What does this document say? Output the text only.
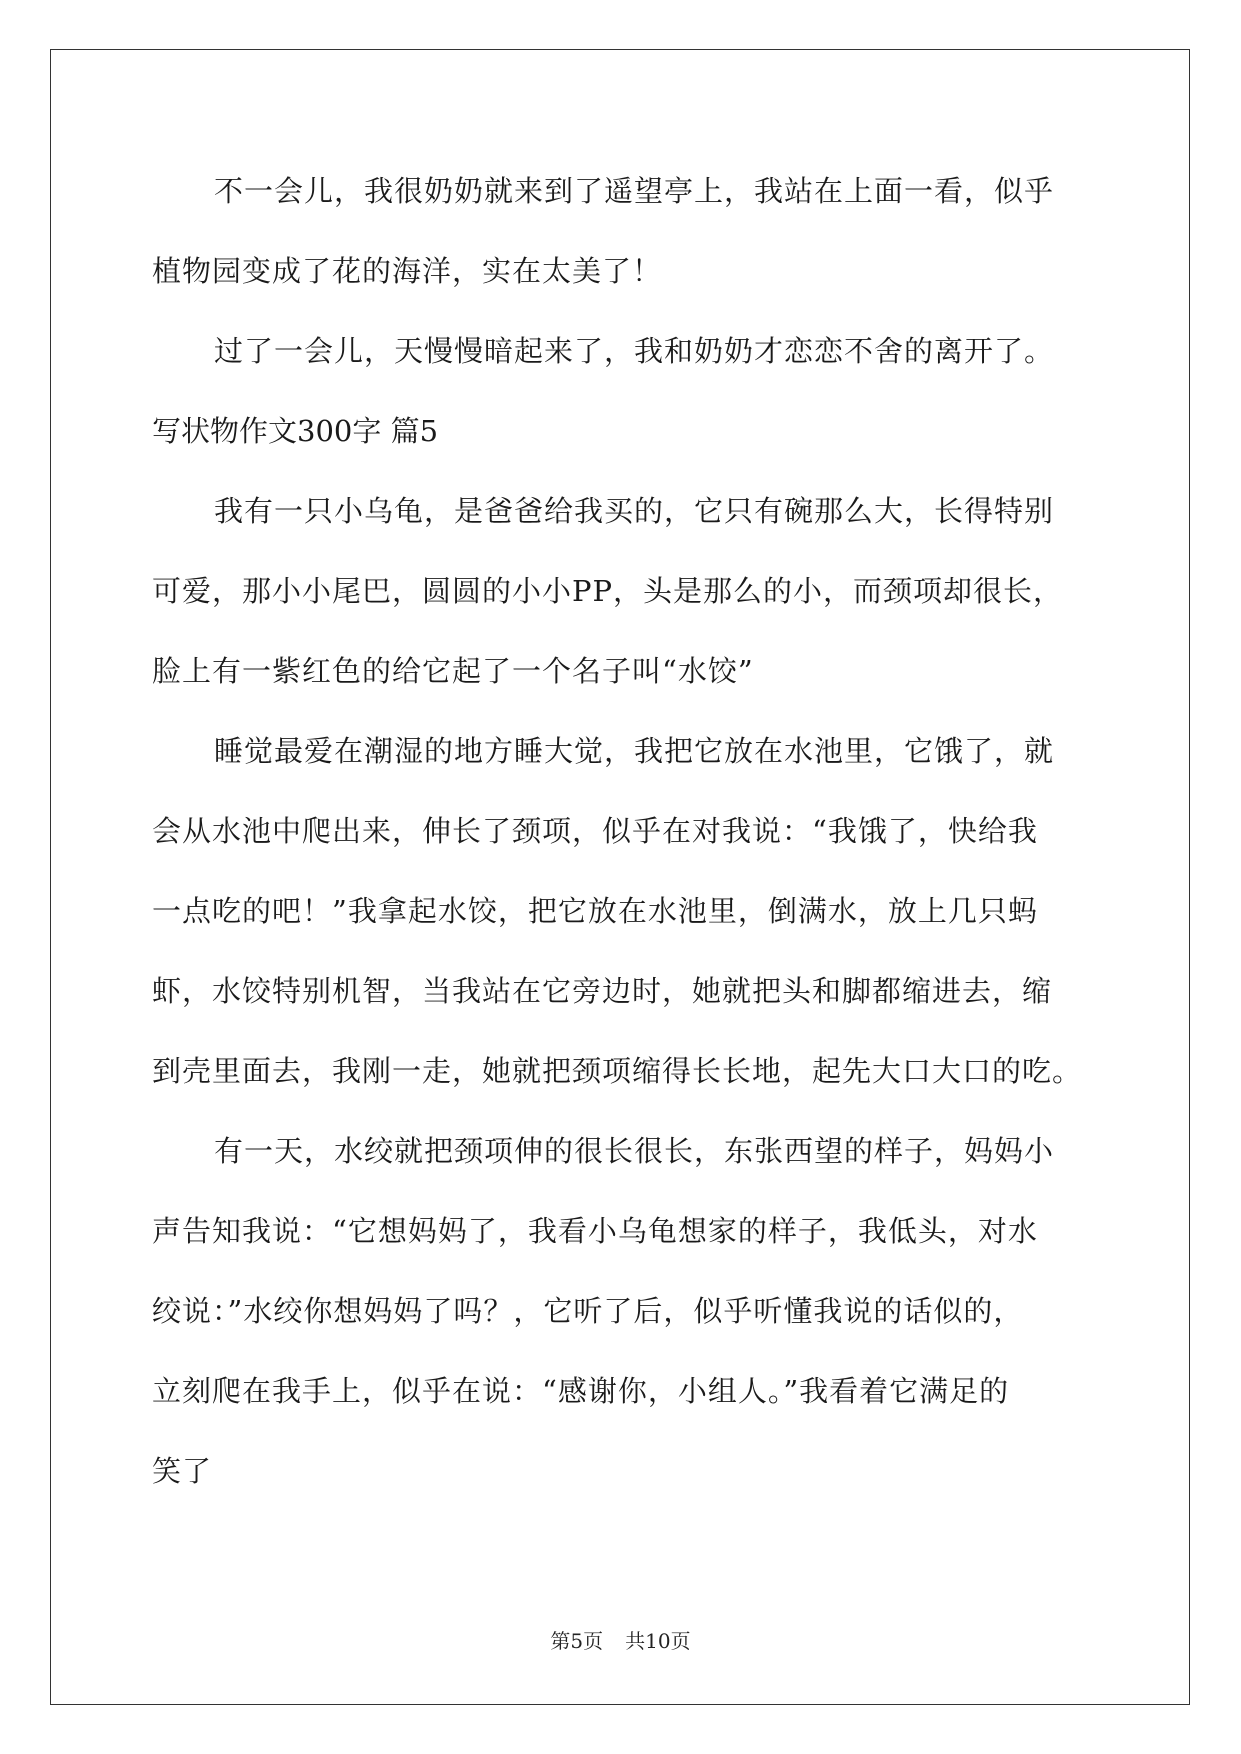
不一会儿，我很奶奶就来到了遥望亭上，我站在上面一看，似乎
植物园变成了花的海洋，实在太美了！
过了一会儿，天慢慢暗起来了，我和奶奶才恋恋不舍的离开了。
写状物作文300字 篇5
我有一只小乌龟，是爸爸给我买的，它只有碗那么大，长得特别
可爱，那小小尾巴，圆圆的小小PP，头是那么的小，而颈项却很长，
脸上有一紫红色的给它起了一个名子叫“水饺”
睡觉最爱在潮湿的地方睡大觉，我把它放在水池里，它饿了，就
会从水池中爬出来，伸长了颈项，似乎在对我说：“我饿了，快给我
一点吃的吧！”我拿起水饺，把它放在水池里，倒满水，放上几只蚂
虾，水饺特别机智，当我站在它旁边时，她就把头和脚都缩进去，缩
到壳里面去，我刚一走，她就把颈项缩得长长地，起先大口大口的吃。
有一天，水绞就把颈项伸的很长很长，东张西望的样子，妈妈小
声告知我说：“它想妈妈了，我看小乌龟想家的样子，我低头，对水
绞说：”水绞你想妈妈了吗？，它听了后，似乎听懂我说的话似的，
立刻爬在我手上，似乎在说：“感谢你，小组人。”我看着它满足的
笑了
第5页 共10页
